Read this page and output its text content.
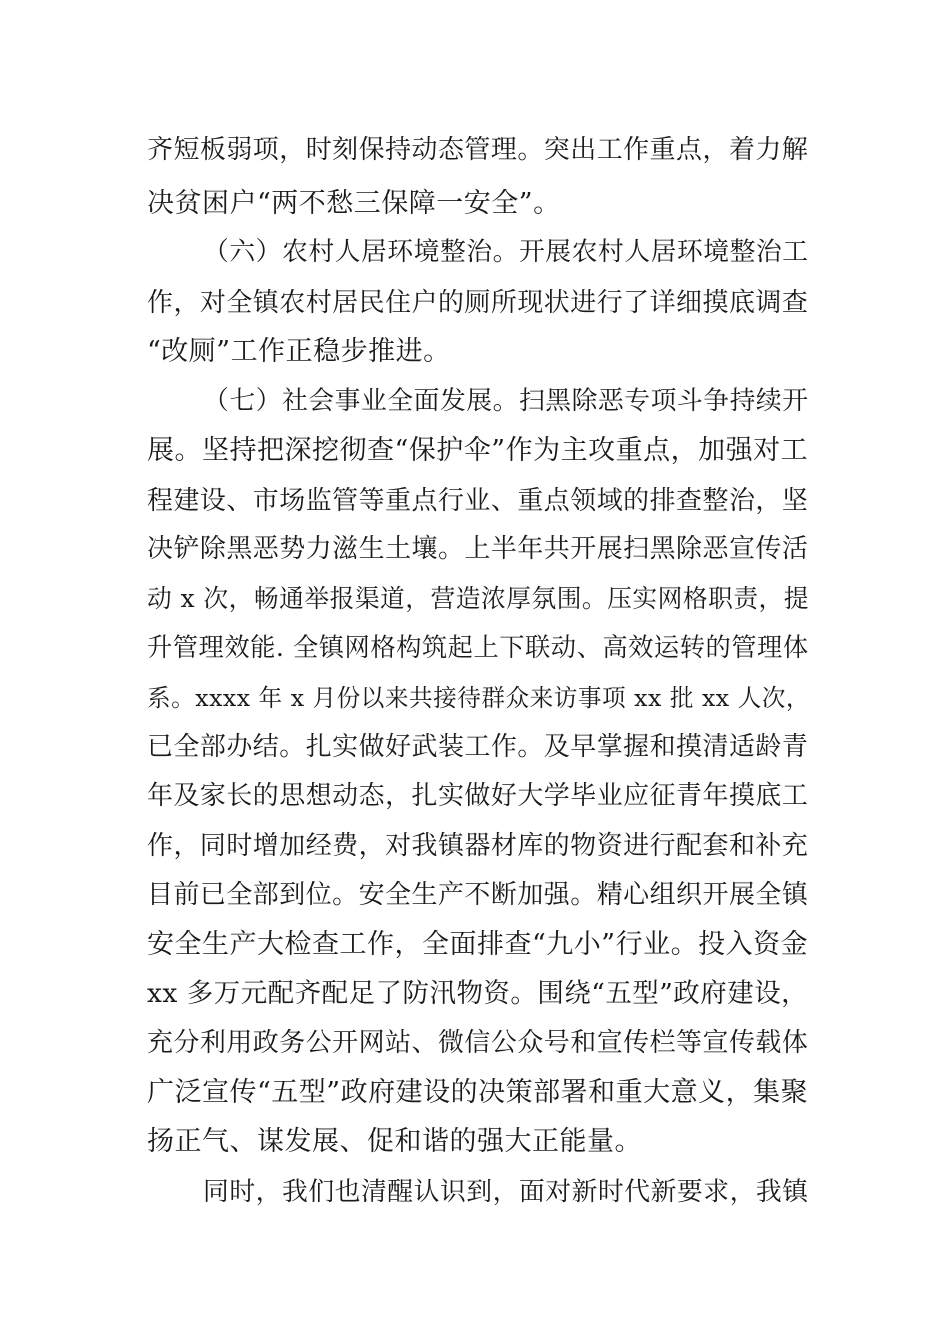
齐短板弱项，时刻保持动态管理。突出工作重点，着力解

决贫困户“两不愁三保障一安全”。

（六）农村人居环境整治。开展农村人居环境整治工

作，对全镇农村居民住户的厕所现状进行了详细摸底调查

“改厕”工作正稳步推进。

（七）社会事业全面发展。扫黑除恶专项斗争持续开

展。坚持把深挖彻查“保护伞”作为主攻重点，加强对工

程建设、市场监管等重点行业、重点领域的排查整治，坚

决铲除黑恶势力滋生土壤。上半年共开展扫黑除恶宣传活

动 x 次，畅通举报渠道，营造浓厚氛围。压实网格职责，提

升管理效能. 全镇网格构筑起上下联动、高效运转的管理体

系。xxxx 年 x 月份以来共接待群众来访事项 xx 批 xx 人次，

已全部办结。扎实做好武装工作。及早掌握和摸清适龄青

年及家长的思想动态，扎实做好大学毕业应征青年摸底工

作，同时增加经费，对我镇器材库的物资进行配套和补充

目前已全部到位。安全生产不断加强。精心组织开展全镇

安全生产大检查工作，全面排查“九小”行业。投入资金

xx 多万元配齐配足了防汛物资。围绕“五型”政府建设，

充分利用政务公开网站、微信公众号和宣传栏等宣传载体

广泛宣传“五型”政府建设的决策部署和重大意义，集聚

扬正气、谋发展、促和谐的强大正能量。

同时，我们也清醒认识到，面对新时代新要求，我镇
